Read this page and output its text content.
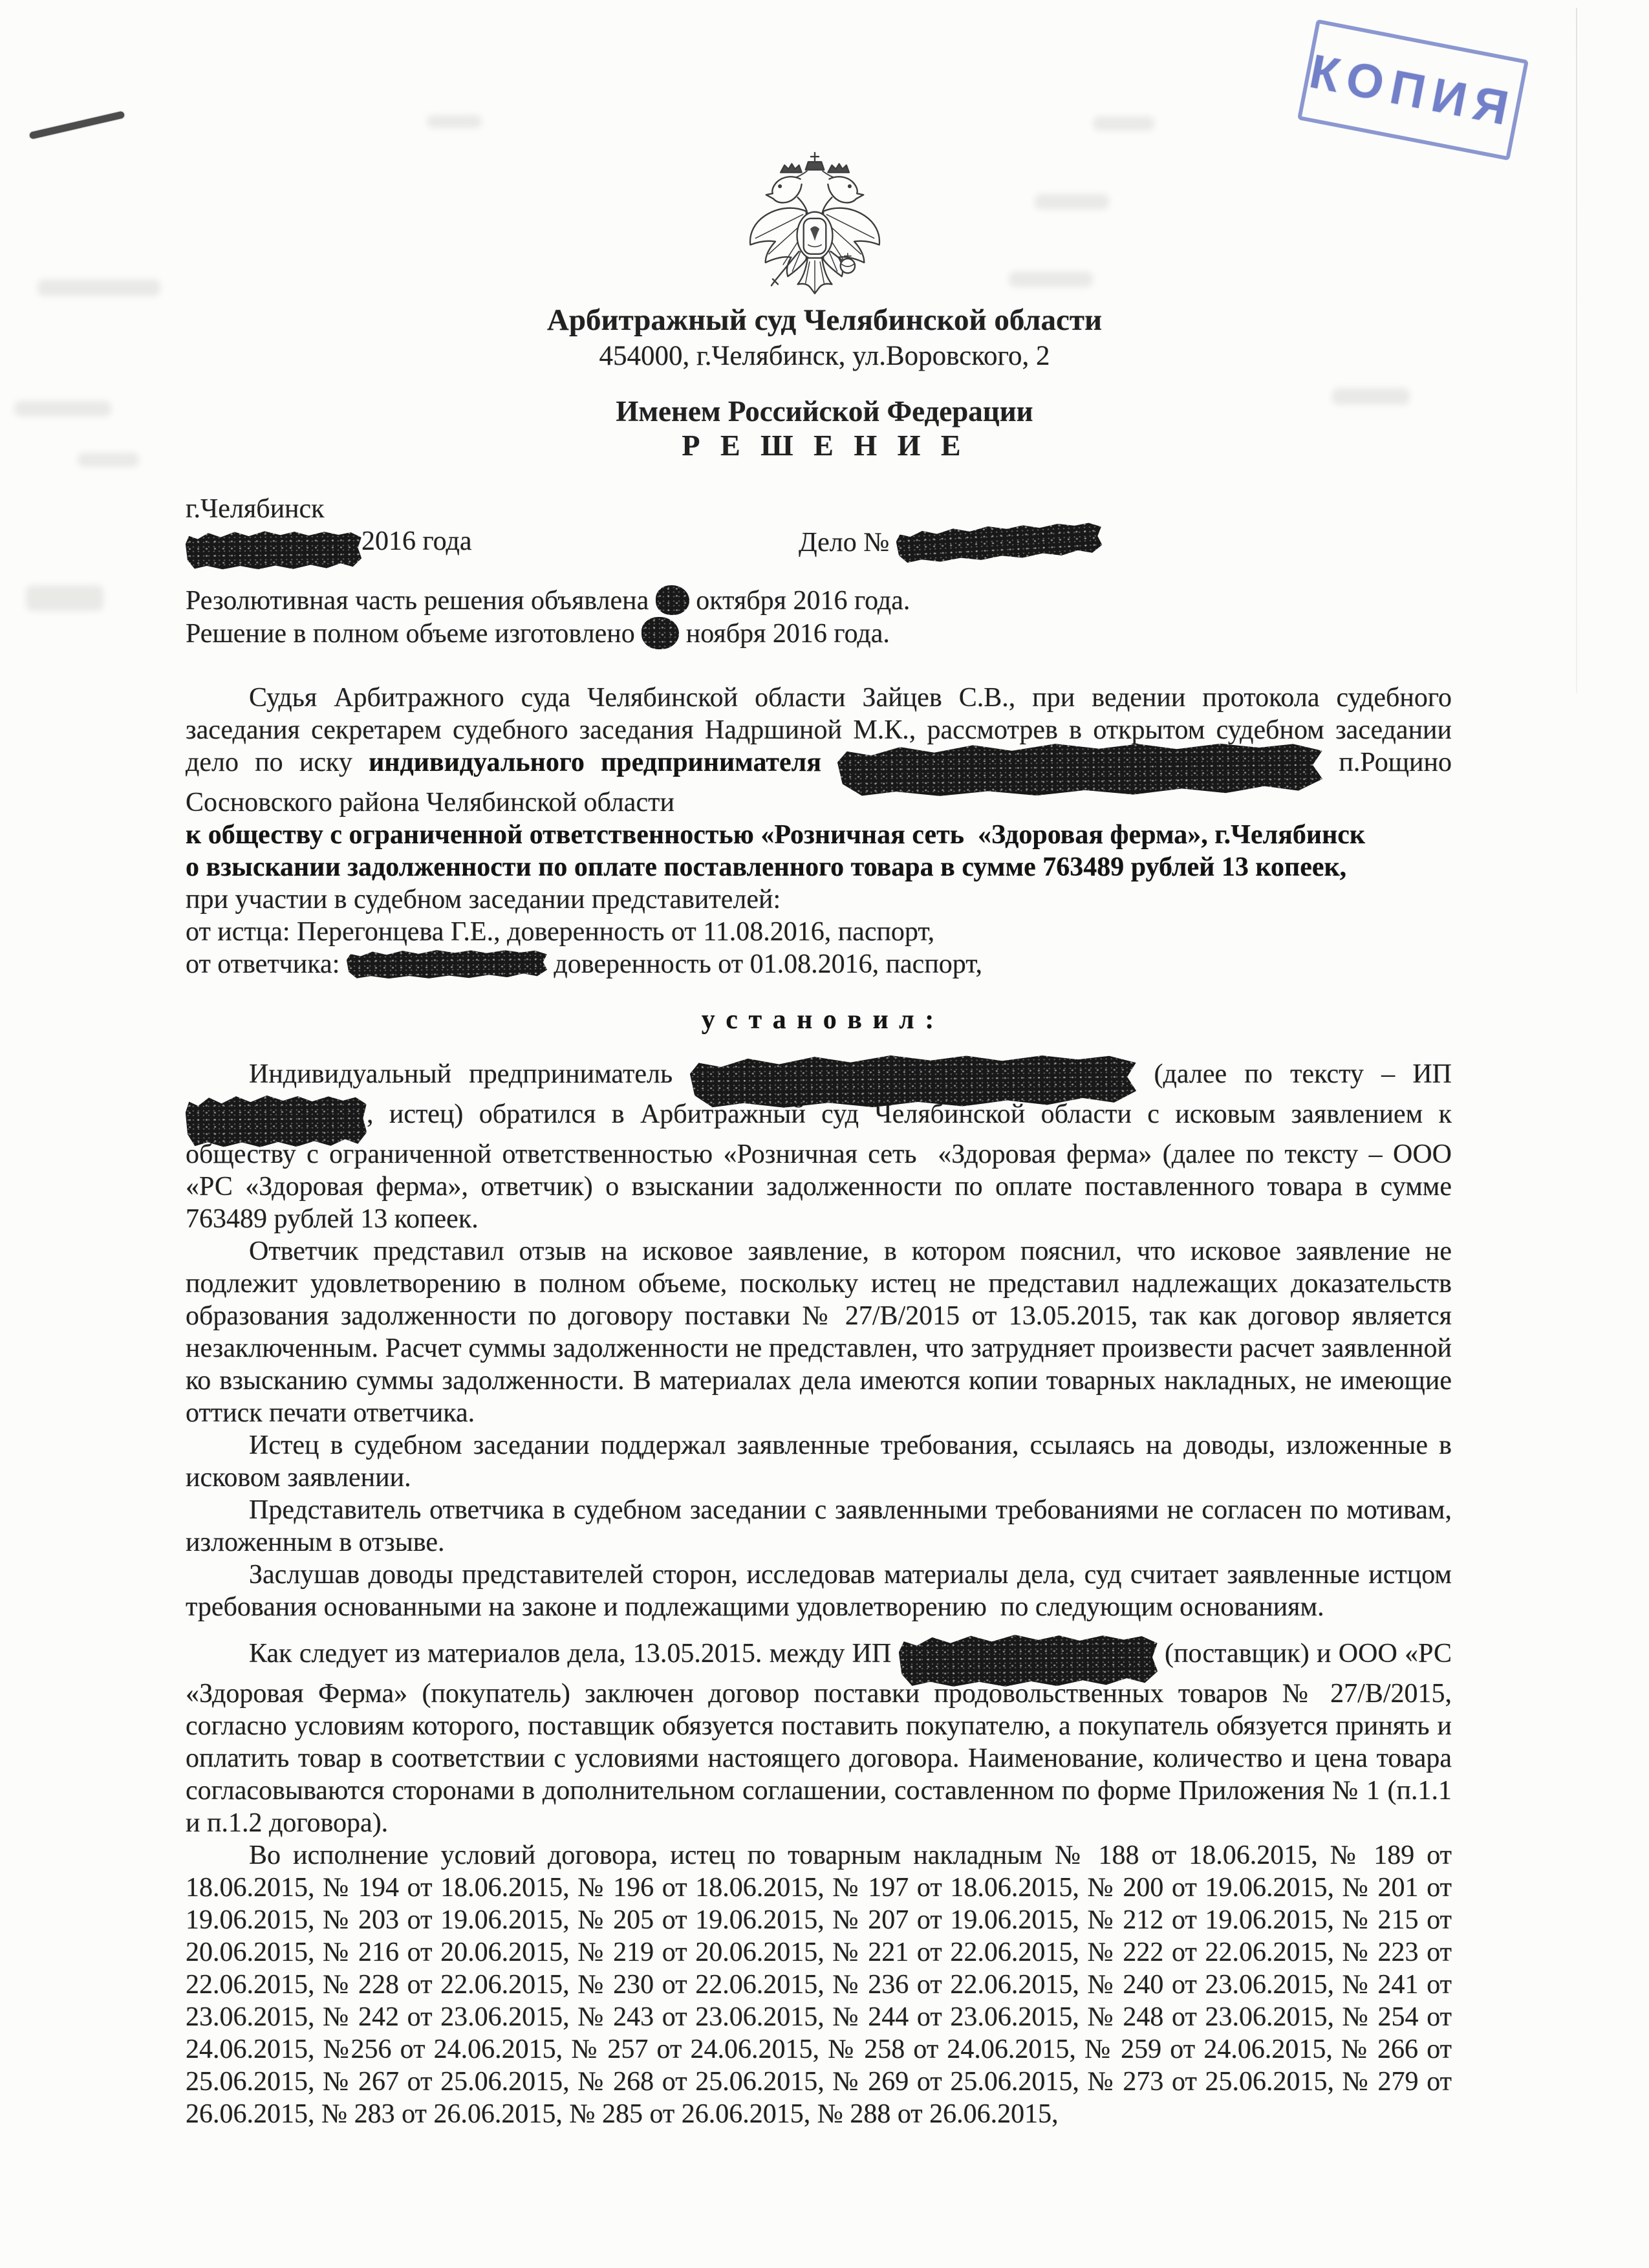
КОПИЯ
Арбитражный суд Челябинской области
454000, г.Челябинск, ул.Воровского, 2
Именем Российской Федерации
Р Е Ш Е Н И Е
г.Челябинск
2016 года	Дело №
Резолютивная часть решения объявлена  октября 2016 года.
Решение в полном объеме изготовлено  ноября 2016 года.

Судья Арбитражного суда Челябинской области Зайцев С.В., при ведении протокола судебного заседания секретарем судебного заседания Надршиной М.К., рассмотрев в открытом судебном заседании дело по иску индивидуального предпринимателя	п.Рощино Сосновского района Челябинской области

к обществу с ограниченной ответственностью «Розничная сеть  «Здоровая ферма», г.Челябинск

о взыскании задолженности по оплате поставленного товара в сумме 763489 рублей 13 копеек,

при участии в судебном заседании представителей:

от истца: Перегонцева Г.Е., доверенность от 11.08.2016, паспорт,

от ответчика:	доверенность от 01.08.2016, паспорт,

у с т а н о в и л :

Индивидуальный предприниматель	(далее по тексту – ИП , истец) обратился в Арбитражный суд Челябинской области с исковым заявлением к обществу с ограниченной ответственностью «Розничная сеть  «Здоровая ферма» (далее по тексту – ООО «РС «Здоровая ферма», ответчик) о взыскании задолженности по оплате поставленного товара в сумме 763489 рублей 13 копеек.

Ответчик представил отзыв на исковое заявление, в котором пояснил, что исковое заявление не подлежит удовлетворению в полном объеме, поскольку истец не представил надлежащих доказательств образования задолженности по договору поставки № 27/В/2015 от 13.05.2015, так как договор является незаключенным. Расчет суммы задолженности не представлен, что затрудняет произвести расчет заявленной ко взысканию суммы задолженности. В материалах дела имеются копии товарных накладных, не имеющие оттиск печати ответчика.

Истец в судебном заседании поддержал заявленные требования, ссылаясь на доводы, изложенные в исковом заявлении.

Представитель ответчика в судебном заседании с заявленными требованиями не согласен по мотивам, изложенным в отзыве.

Заслушав доводы представителей сторон, исследовав материалы дела, суд считает заявленные истцом требования основанными на законе и подлежащими удовлетворению  по следующим основаниям.

Как следует из материалов дела, 13.05.2015. между ИП	(поставщик) и ООО «РС «Здоровая Ферма» (покупатель) заключен договор поставки продовольственных товаров № 27/В/2015, согласно условиям которого, поставщик обязуется поставить покупателю, а покупатель обязуется принять и оплатить товар в соответствии с условиями настоящего договора. Наименование, количество и цена товара согласовываются сторонами в дополнительном соглашении, составленном по форме Приложения № 1 (п.1.1 и п.1.2 договора).

Во исполнение условий договора, истец по товарным накладным № 188 от 18.06.2015, № 189 от 18.06.2015, № 194 от 18.06.2015, № 196 от 18.06.2015, № 197 от 18.06.2015, № 200 от 19.06.2015, № 201 от 19.06.2015, № 203 от 19.06.2015, № 205 от 19.06.2015, № 207 от 19.06.2015, № 212 от 19.06.2015, № 215 от 20.06.2015, № 216 от 20.06.2015, № 219 от 20.06.2015, № 221 от 22.06.2015, № 222 от 22.06.2015, № 223 от 22.06.2015, № 228 от 22.06.2015, № 230 от 22.06.2015, № 236 от 22.06.2015, № 240 от 23.06.2015, № 241 от 23.06.2015, № 242 от 23.06.2015, № 243 от 23.06.2015, № 244 от 23.06.2015, № 248 от 23.06.2015, № 254 от 24.06.2015, №256 от 24.06.2015, № 257 от 24.06.2015, № 258 от 24.06.2015, № 259 от 24.06.2015, № 266 от 25.06.2015, № 267 от 25.06.2015, № 268 от 25.06.2015, № 269 от 25.06.2015, № 273 от 25.06.2015, № 279 от 26.06.2015, № 283 от 26.06.2015, № 285 от 26.06.2015, № 288 от 26.06.2015,
